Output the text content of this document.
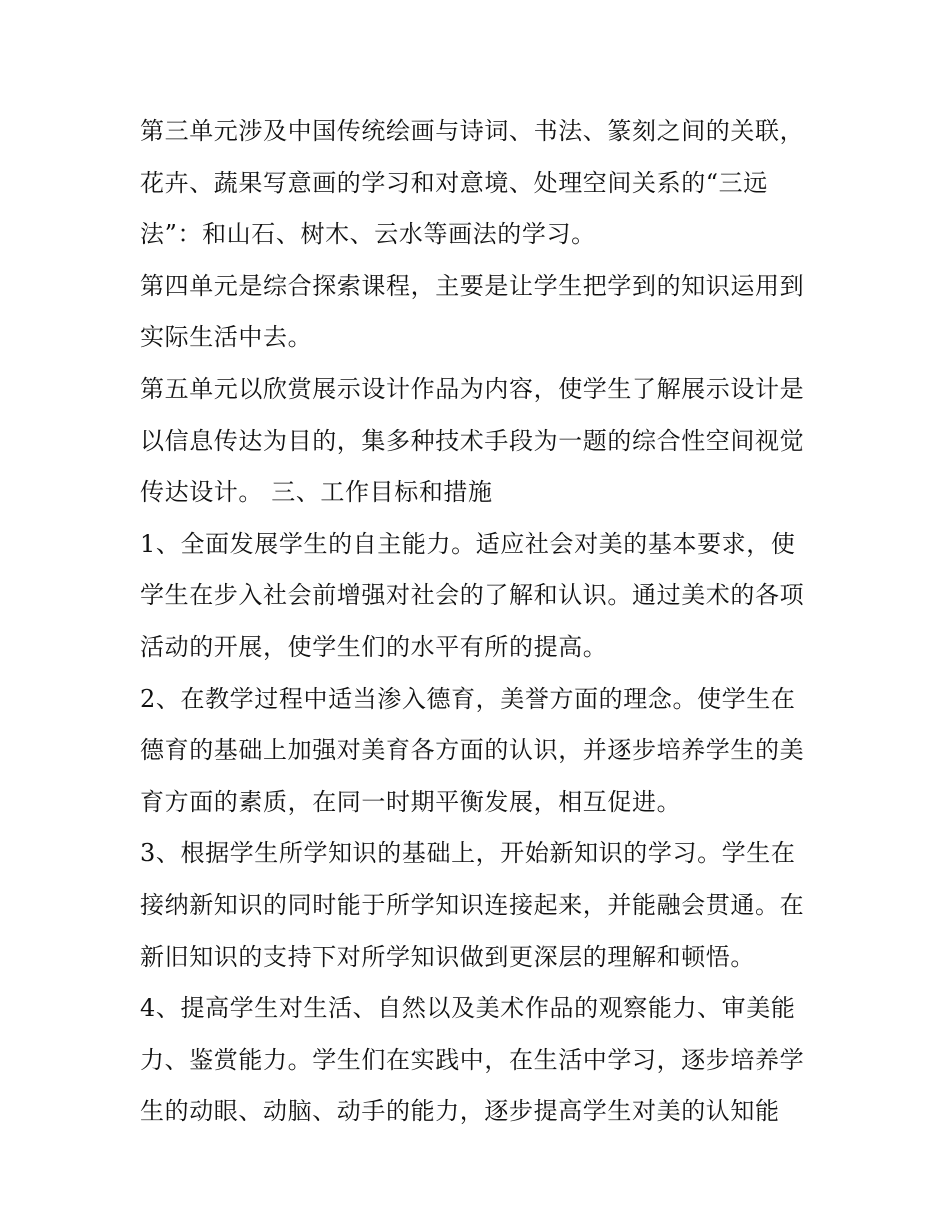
第三单元涉及中国传统绘画与诗词、书法、篆刻之间的关联，
花卉、蔬果写意画的学习和对意境、处理空间关系的“三远
法”：和山石、树木、云水等画法的学习。
第四单元是综合探索课程，主要是让学生把学到的知识运用到
实际生活中去。
第五单元以欣赏展示设计作品为内容，使学生了解展示设计是
以信息传达为目的，集多种技术手段为一题的综合性空间视觉
传达设计。 三、工作目标和措施
1、全面发展学生的自主能力。适应社会对美的基本要求，使
学生在步入社会前增强对社会的了解和认识。通过美术的各项
活动的开展，使学生们的水平有所的提高。
2、在教学过程中适当渗入德育，美誉方面的理念。使学生在
德育的基础上加强对美育各方面的认识，并逐步培养学生的美
育方面的素质，在同一时期平衡发展，相互促进。
3、根据学生所学知识的基础上，开始新知识的学习。学生在
接纳新知识的同时能于所学知识连接起来，并能融会贯通。在
新旧知识的支持下对所学知识做到更深层的理解和顿悟。
4、提高学生对生活、自然以及美术作品的观察能力、审美能
力、鉴赏能力。学生们在实践中，在生活中学习，逐步培养学
生的动眼、动脑、动手的能力，逐步提高学生对美的认知能
